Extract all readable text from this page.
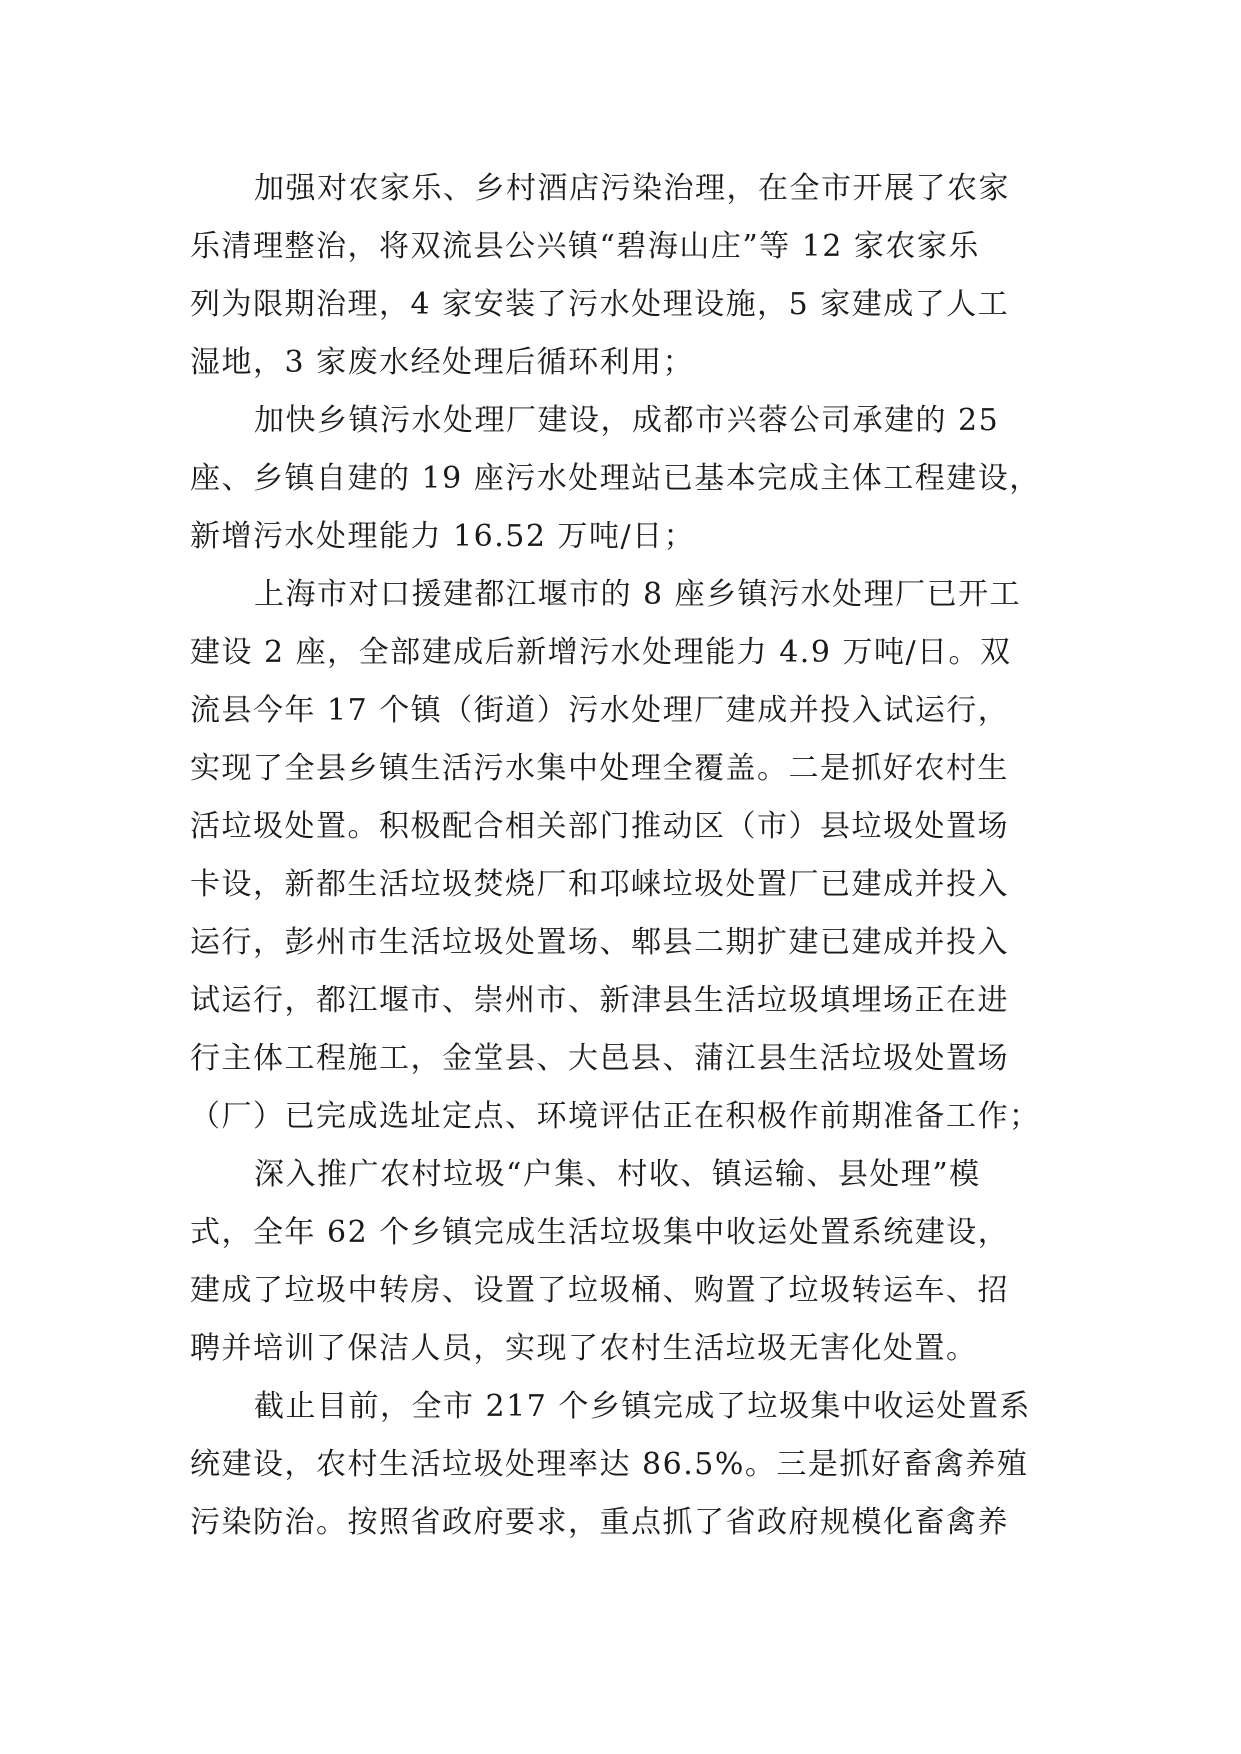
加强对农家乐、乡村酒店污染治理，在全市开展了农家
乐清理整治，将双流县公兴镇“碧海山庄”等 12 家农家乐
列为限期治理，4 家安装了污水处理设施，5 家建成了人工
湿地，3 家废水经处理后循环利用；
加快乡镇污水处理厂建设，成都市兴蓉公司承建的 25
座、乡镇自建的 19 座污水处理站已基本完成主体工程建设，
新增污水处理能力 16.52 万吨/日；
上海市对口援建都江堰市的 8 座乡镇污水处理厂已开工
建设 2 座，全部建成后新增污水处理能力 4.9 万吨/日。双
流县今年 17 个镇（街道）污水处理厂建成并投入试运行，
实现了全县乡镇生活污水集中处理全覆盖。二是抓好农村生
活垃圾处置。积极配合相关部门推动区（市）县垃圾处置场
卡设，新都生活垃圾焚烧厂和邛崃垃圾处置厂已建成并投入
运行，彭州市生活垃圾处置场、郫县二期扩建已建成并投入
试运行，都江堰市、崇州市、新津县生活垃圾填埋场正在进
行主体工程施工，金堂县、大邑县、蒲江县生活垃圾处置场
（厂）已完成选址定点、环境评估正在积极作前期准备工作；
深入推广农村垃圾“户集、村收、镇运输、县处理”模
式，全年 62 个乡镇完成生活垃圾集中收运处置系统建设，
建成了垃圾中转房、设置了垃圾桶、购置了垃圾转运车、招
聘并培训了保洁人员，实现了农村生活垃圾无害化处置。
截止目前，全市 217 个乡镇完成了垃圾集中收运处置系
统建设，农村生活垃圾处理率达 86.5%。三是抓好畜禽养殖
污染防治。按照省政府要求，重点抓了省政府规模化畜禽养
